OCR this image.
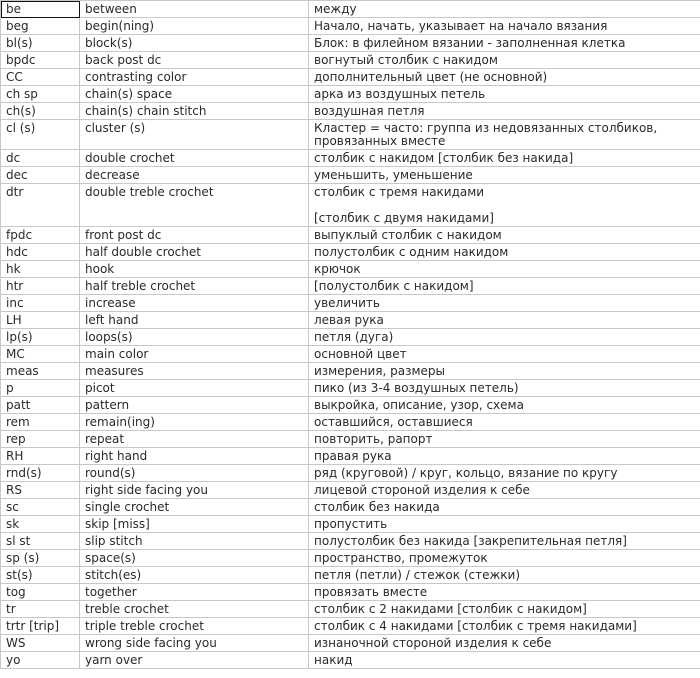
be	between	между
beg	begin(ning)	Начало, начать, указывает на начало вязания
bl(s)	block(s)	Блок: в филейном вязании - заполненная клетка
bpdc	back post dc	вогнутый столбик с накидом
CC	contrasting color	дополнительный цвет (не основной)
ch sp	chain(s) space	арка из воздушных петель
ch(s)	chain(s) chain stitch	воздушная петля
cl (s)	cluster (s)	Кластер = часто: группа из недовязанных столбиков,
провязанных вместе
dc	double crochet	столбик с накидом [столбик без накида]
dec	decrease	уменьшить, уменьшение
dtr	double treble crochet	столбик с тремя накидами

[столбик с двумя накидами]
fpdc	front post dc	выпуклый столбик с накидом
hdc	half double crochet	полустолбик с одним накидом
hk	hook	крючок
htr	half treble crochet	[полустолбик с накидом]
inc	increase	увеличить
LH	left hand	левая рука
lp(s)	loops(s)	петля (дуга)
MC	main color	основной цвет
meas	measures	измерения, размеры
p	picot	пико (из 3-4 воздушных петель)
patt	pattern	выкройка, описание, узор, схема
rem	remain(ing)	оставшийся, оставшиеся
rep	repeat	повторить, рапорт
RH	right hand	правая рука
rnd(s)	round(s)	ряд (круговой) / круг, кольцо, вязание по кругу
RS	right side facing you	лицевой стороной изделия к себе
sc	single crochet	столбик без накида
sk	skip [miss]	пропустить
sl st	slip stitch	полустолбик без накида [закрепительная петля]
sp (s)	space(s)	пространство, промежуток
st(s)	stitch(es)	петля (петли) / стежок (стежки)
tog	together	провязать вместе
tr	treble crochet	столбик с 2 накидами [столбик с накидом]
trtr [trip]	triple treble crochet	столбик с 4 накидами [столбик с тремя накидами]
WS	wrong side facing you	изнаночной стороной изделия к себе
yo	yarn over	накид
